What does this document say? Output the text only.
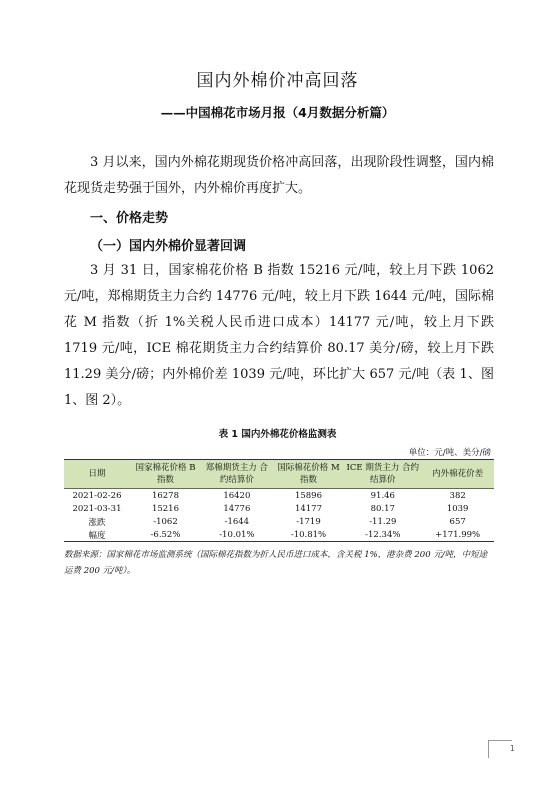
国内外棉价冲高回落
——中国棉花市场月报（4月数据分析篇）

3 月以来，国内外棉花期现货价格冲高回落，出现阶段性调整，国内棉花现货走势强于国外，内外棉价再度扩大。

一、价格走势
（一）国内外棉价显著回调

3 月 31 日，国家棉花价格 B 指数 15216 元/吨，较上月下跌 1062 元/吨，郑棉期货主力合约 14776 元/吨，较上月下跌 1644 元/吨，国际棉花 M 指数（折 1%关税人民币进口成本）14177 元/吨，较上月下跌 1719 元/吨，ICE 棉花期货主力合约结算价 80.17 美分/磅，较上月下跌 11.29 美分/磅；内外棉价差 1039 元/吨，环比扩大 657 元/吨（表 1、图 1、图 2）。

表 1 国内外棉花价格监测表
单位：元/吨、美分/磅
日期	国家棉花价格 B 指数	郑棉期货主力 合约结算价	国际棉花价格 M 指数	ICE 期货主力 合约结算价	内外棉花价差
2021-02-26	16278	16420	15896	91.46	382
2021-03-31	15216	14776	14177	80.17	1039
涨跌	-1062	-1644	-1719	-11.29	657
幅度	-6.52%	-10.01%	-10.81%	-12.34%	+171.99%
数据来源：国家棉花市场监测系统（国际棉花指数为折人民币进口成本，含关税 1%，港杂费 200 元/吨，中短途运费 200 元/吨）。
1
